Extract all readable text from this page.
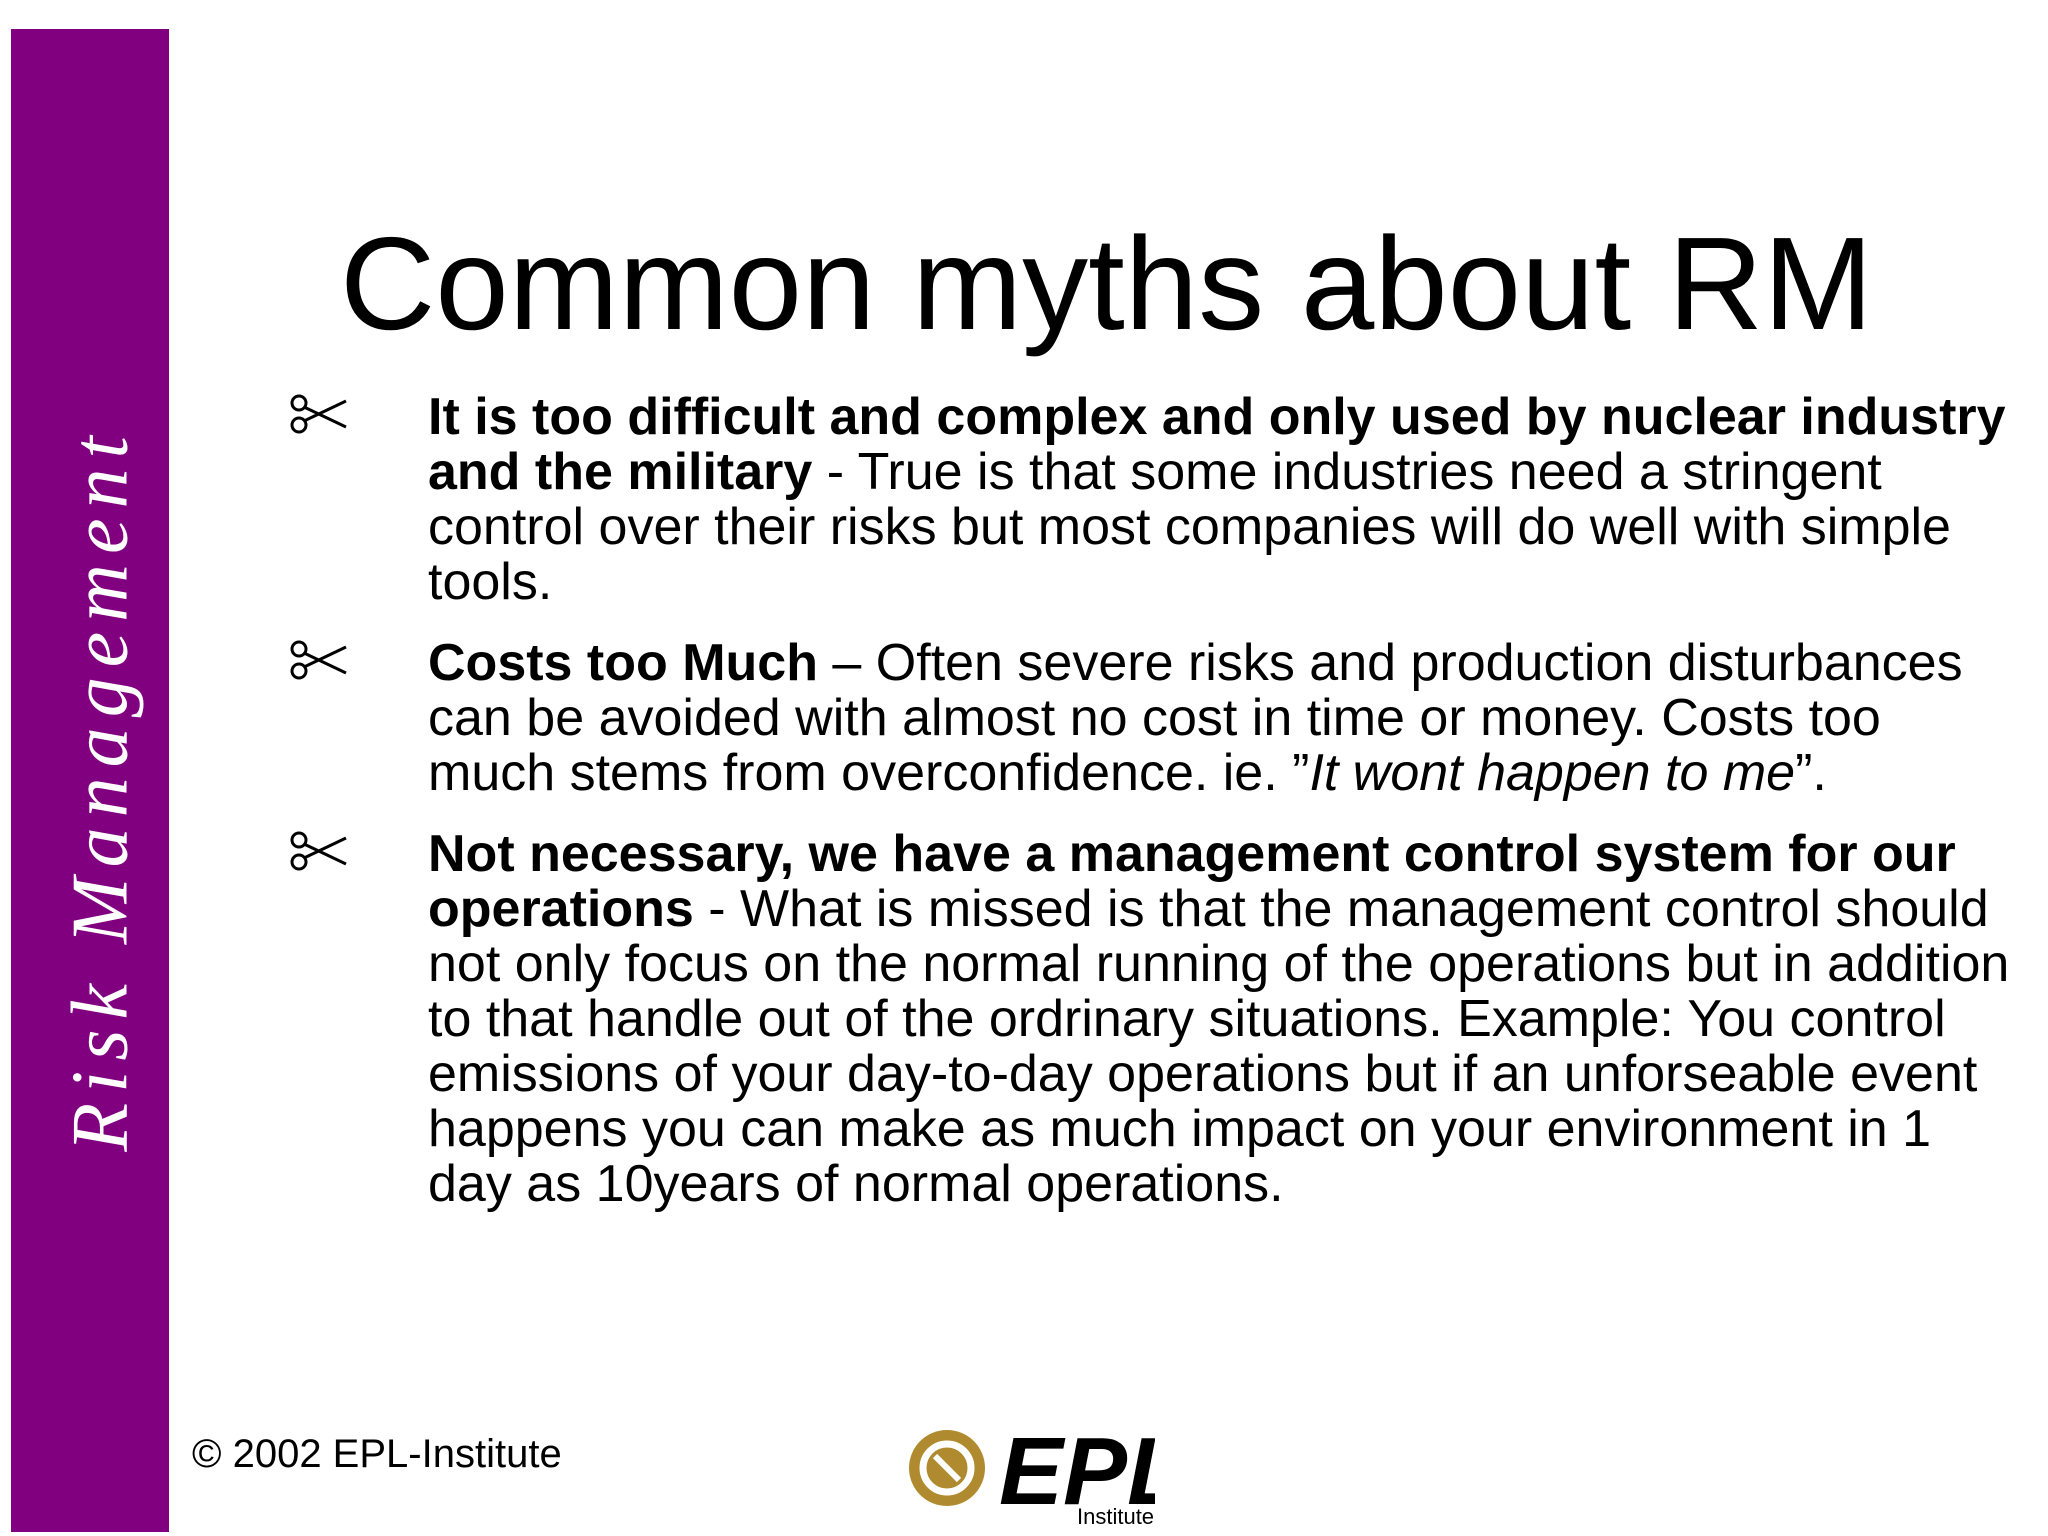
Risk Management
Common myths about RM
It is too difficult and complex and only used by nuclear industry and the military - True is that some industries need a stringent control over their risks but most companies will do well with simple tools.
Costs too Much – Often severe risks and production disturbances can be avoided with almost no cost in time or money. Costs too much stems from overconfidence. ie. ”It wont happen to me”.
Not necessary, we have a management control system for our operations - What is missed is that the management control should not only focus on the normal running of the operations but in addition to that handle out of the ordrinary situations. Example: You control emissions of your day-to-day operations but if an unforseable event happens you can make as much impact on your environment in 1 day as 10years of normal operations.
© 2002 EPL-Institute	EP
Institute
